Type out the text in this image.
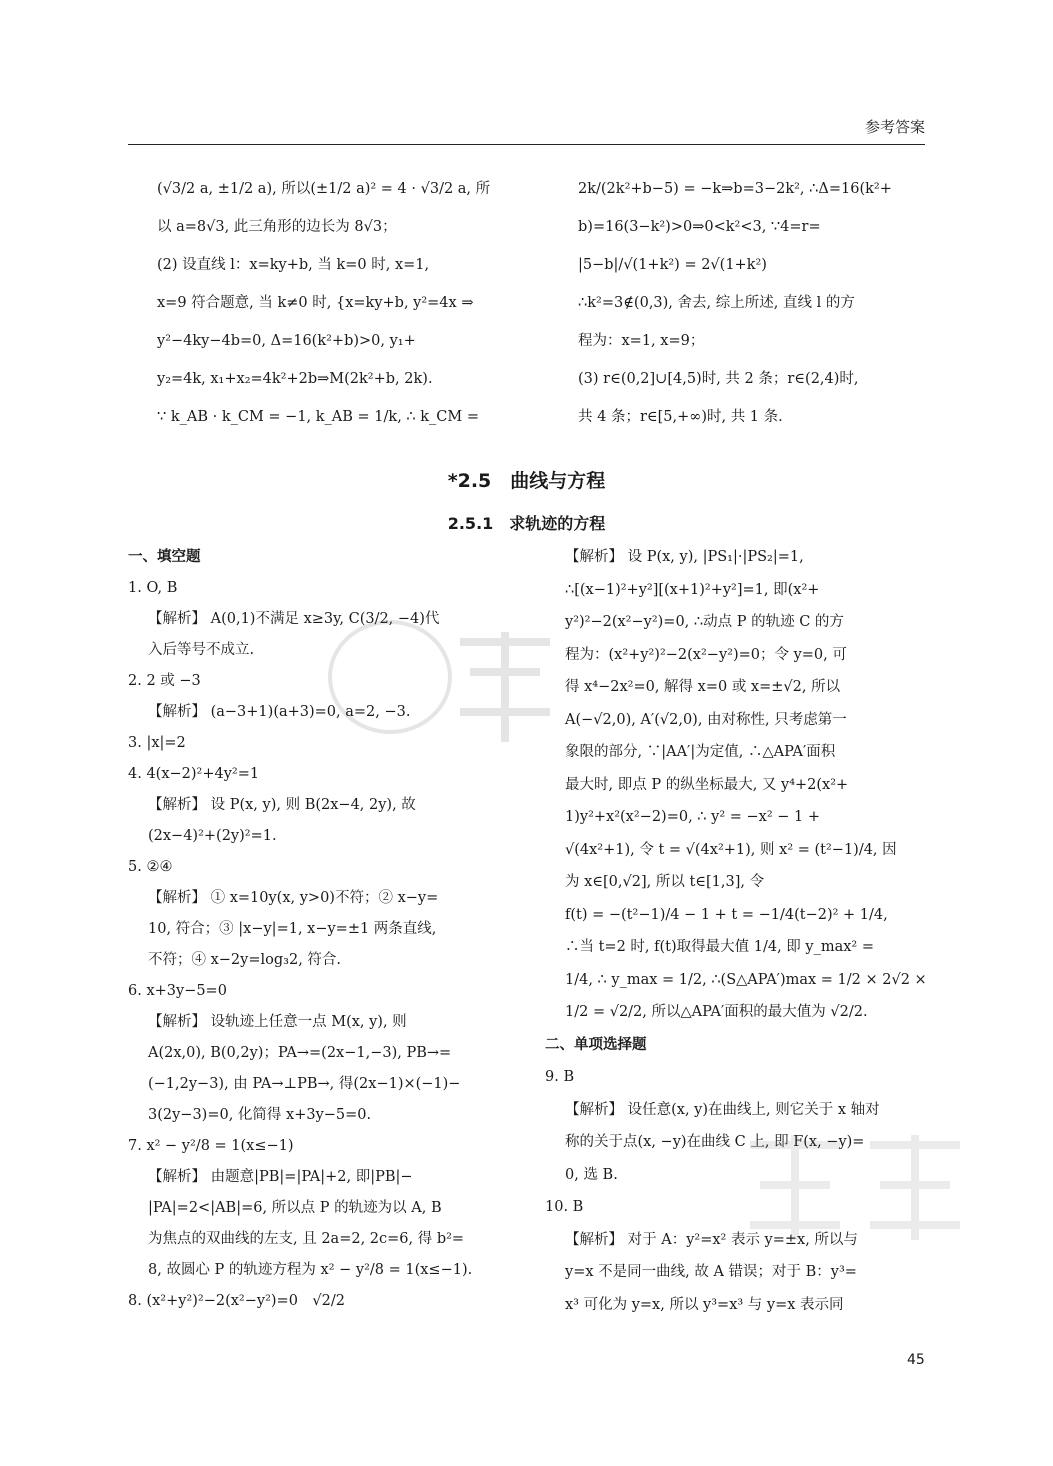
参考答案
(√3/2 a, ±1/2 a), 所以(±1/2 a)² = 4 · √3/2 a, 所
以 a=8√3, 此三角形的边长为 8√3；
(2) 设直线 l：x=ky+b, 当 k=0 时, x=1,
x=9 符合题意, 当 k≠0 时, {x=ky+b, y²=4x ⇒
y²−4ky−4b=0, Δ=16(k²+b)>0, y₁+
y₂=4k, x₁+x₂=4k²+2b⇒M(2k²+b, 2k).
∵ k_AB · k_CM = −1, k_AB = 1/k, ∴ k_CM =
2k/(2k²+b−5) = −k⇒b=3−2k², ∴Δ=16(k²+
b)=16(3−k²)>0⇒0<k²<3, ∵4=r=
|5−b|/√(1+k²) = 2√(1+k²)
∴k²=3∉(0,3), 舍去, 综上所述, 直线 l 的方
程为：x=1, x=9；
(3) r∈(0,2]∪[4,5)时, 共 2 条；r∈(2,4)时,
共 4 条；r∈[5,+∞)时, 共 1 条.
*2.5　曲线与方程
2.5.1　求轨迹的方程
一、填空题
1. O, B
【解析】 A(0,1)不满足 x≥3y, C(3/2, −4)代
入后等号不成立.
2. 2 或 −3
【解析】 (a−3+1)(a+3)=0, a=2, −3.
3. |x|=2
4. 4(x−2)²+4y²=1
【解析】 设 P(x, y), 则 B(2x−4, 2y), 故
(2x−4)²+(2y)²=1.
5. ②④
【解析】 ① x=10y(x, y>0)不符；② x−y=
10, 符合；③ |x−y|=1, x−y=±1 两条直线,
不符；④ x−2y=log₃2, 符合.
6. x+3y−5=0
【解析】 设轨迹上任意一点 M(x, y), 则
A(2x,0), B(0,2y)；PA→=(2x−1,−3), PB→=
(−1,2y−3), 由 PA→⊥PB→, 得(2x−1)×(−1)−
3(2y−3)=0, 化简得 x+3y−5=0.
7. x² − y²/8 = 1(x≤−1)
【解析】 由题意|PB|=|PA|+2, 即|PB|−
|PA|=2<|AB|=6, 所以点 P 的轨迹为以 A, B
为焦点的双曲线的左支, 且 2a=2, 2c=6, 得 b²=
8, 故圆心 P 的轨迹方程为 x² − y²/8 = 1(x≤−1).
8. (x²+y²)²−2(x²−y²)=0　√2/2
【解析】 设 P(x, y), |PS₁|·|PS₂|=1,
∴[(x−1)²+y²][(x+1)²+y²]=1, 即(x²+
y²)²−2(x²−y²)=0, ∴动点 P 的轨迹 C 的方
程为：(x²+y²)²−2(x²−y²)=0；令 y=0, 可
得 x⁴−2x²=0, 解得 x=0 或 x=±√2, 所以
A(−√2,0), A′(√2,0), 由对称性, 只考虑第一
象限的部分, ∵|AA′|为定值, ∴△APA′面积
最大时, 即点 P 的纵坐标最大, 又 y⁴+2(x²+
1)y²+x²(x²−2)=0, ∴ y² = −x² − 1 +
√(4x²+1), 令 t = √(4x²+1), 则 x² = (t²−1)/4, 因
为 x∈[0,√2], 所以 t∈[1,3], 令
f(t) = −(t²−1)/4 − 1 + t = −1/4(t−2)² + 1/4,
∴当 t=2 时, f(t)取得最大值 1/4, 即 y_max² =
1/4, ∴ y_max = 1/2, ∴(S△APA′)max = 1/2 × 2√2 ×
1/2 = √2/2, 所以△APA′面积的最大值为 √2/2.
二、单项选择题
9. B
【解析】 设任意(x, y)在曲线上, 则它关于 x 轴对
称的关于点(x, −y)在曲线 C 上, 即 F(x, −y)=
0, 选 B.
10. B
【解析】 对于 A：y²=x² 表示 y=±x, 所以与
y=x 不是同一曲线, 故 A 错误；对于 B：y³=
x³ 可化为 y=x, 所以 y³=x³ 与 y=x 表示同
45
